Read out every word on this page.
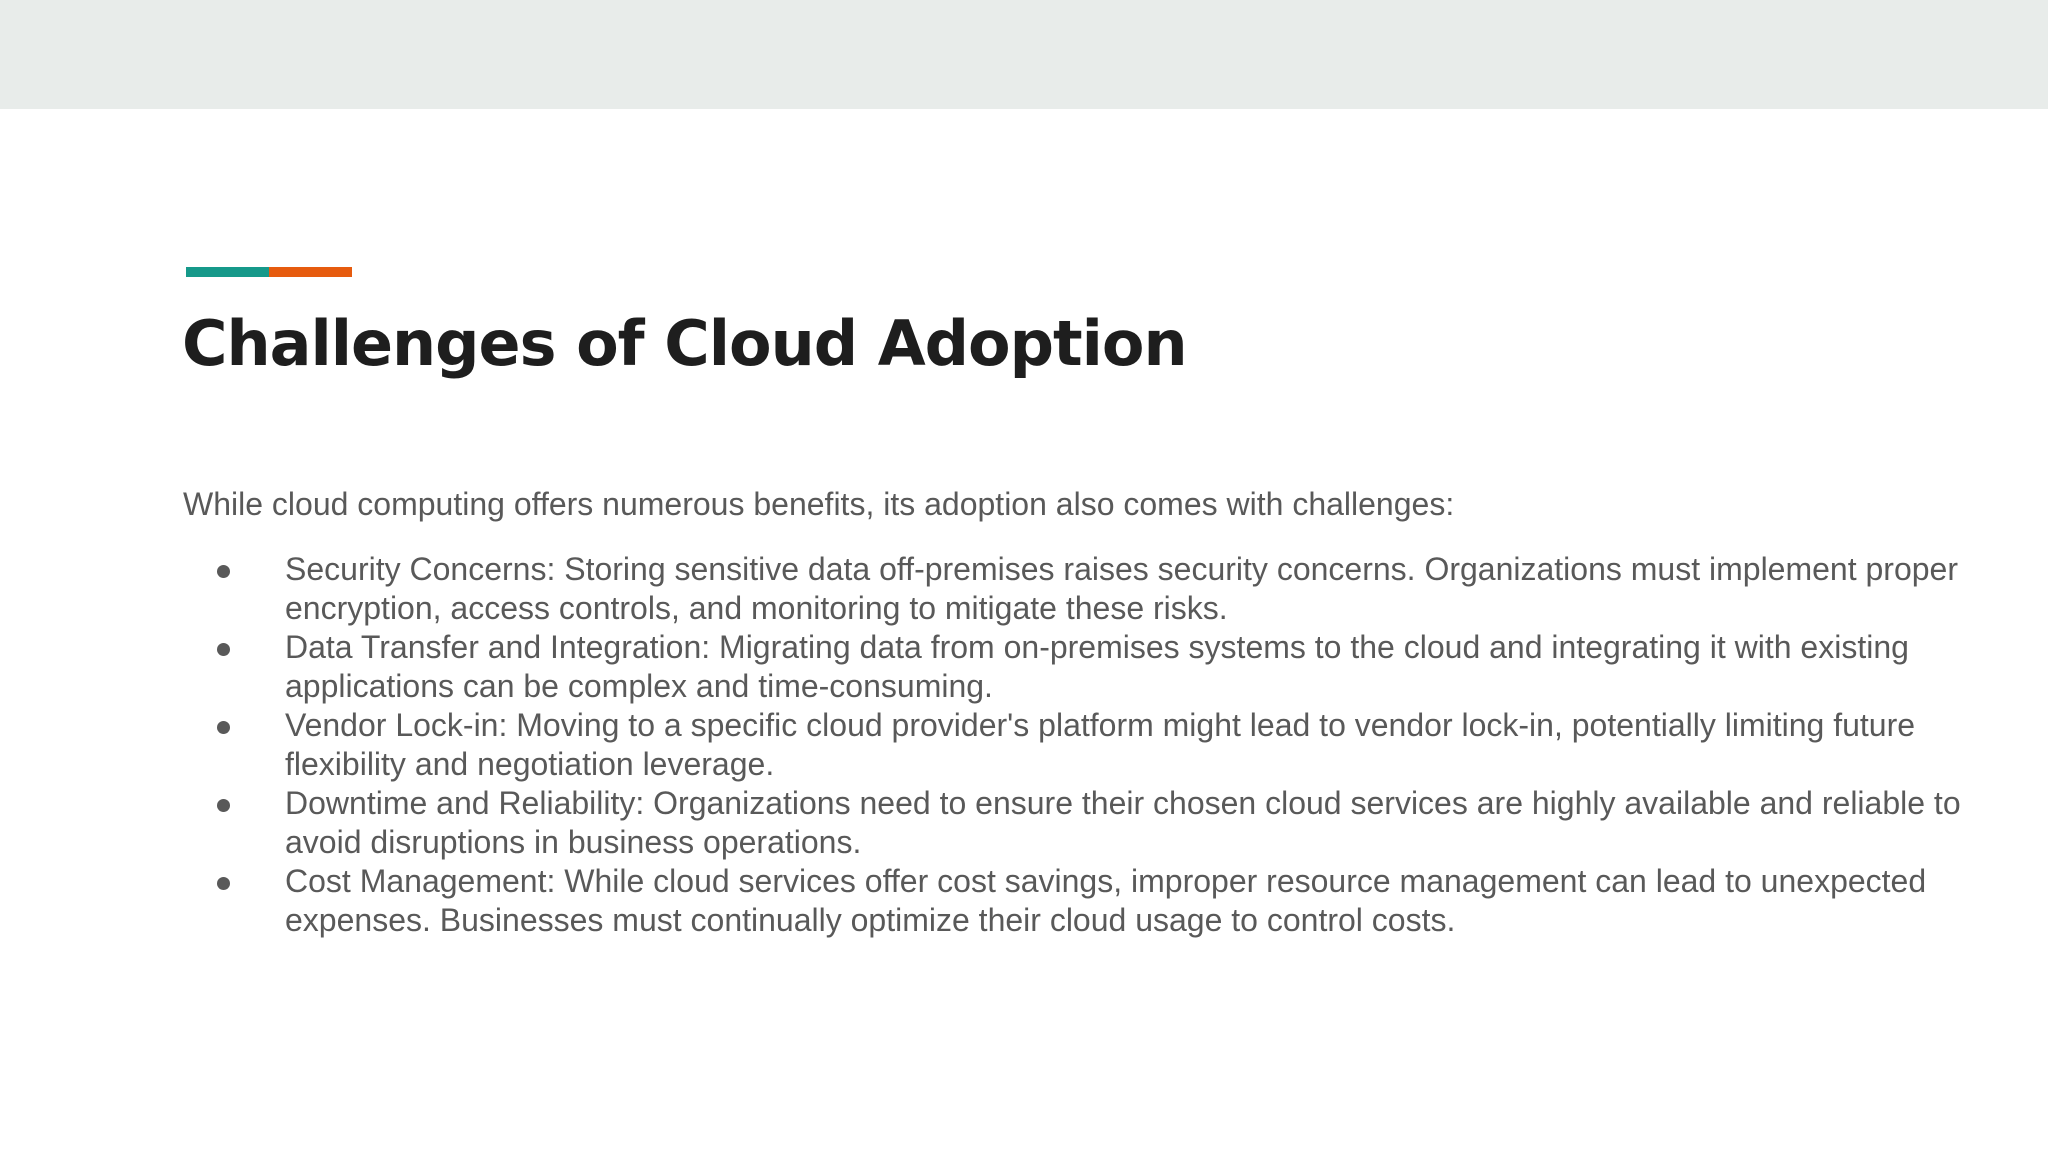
Challenges of Cloud Adoption

While cloud computing offers numerous benefits, its adoption also comes with challenges:

Security Concerns: Storing sensitive data off-premises raises security concerns. Organizations must implement proper encryption, access controls, and monitoring to mitigate these risks.
Data Transfer and Integration: Migrating data from on-premises systems to the cloud and integrating it with existing applications can be complex and time-consuming.
Vendor Lock-in: Moving to a specific cloud provider's platform might lead to vendor lock-in, potentially limiting future flexibility and negotiation leverage.
Downtime and Reliability: Organizations need to ensure their chosen cloud services are highly available and reliable to avoid disruptions in business operations.
Cost Management: While cloud services offer cost savings, improper resource management can lead to unexpected expenses. Businesses must continually optimize their cloud usage to control costs.
